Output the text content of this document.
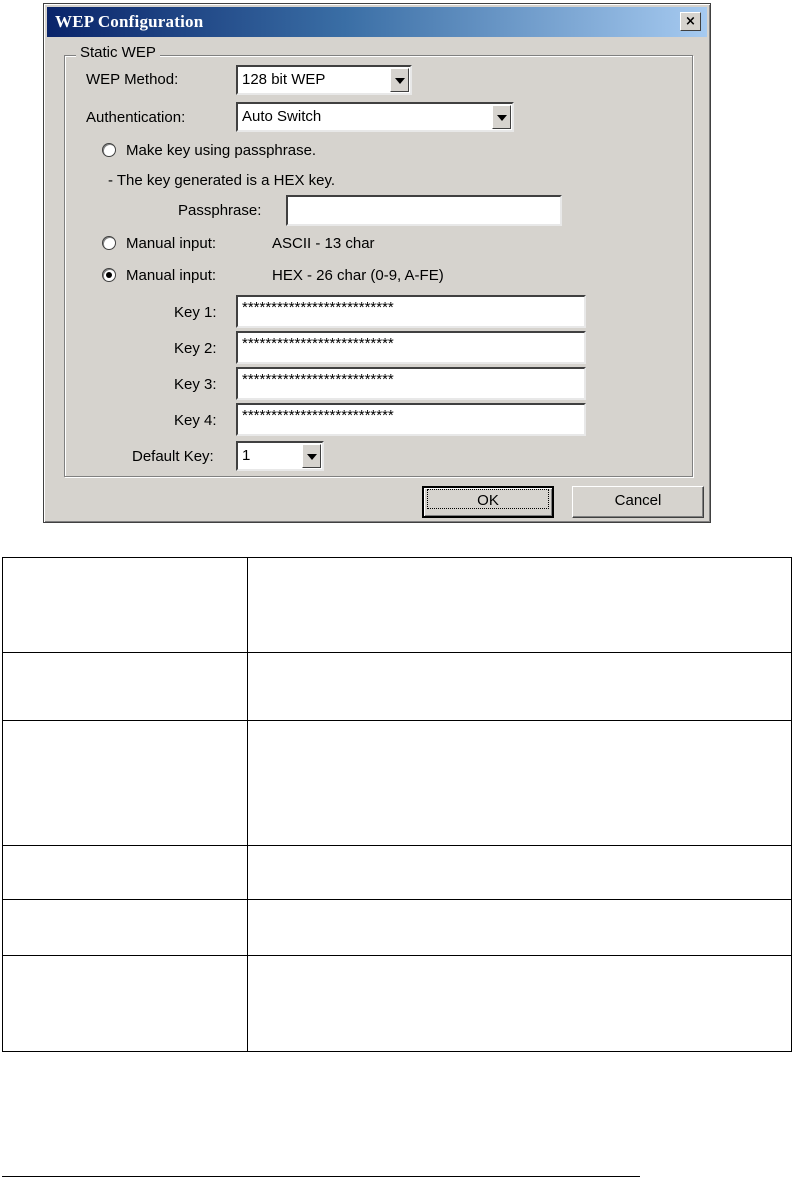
WEP Configuration	×
Static WEP
WEP Method:	128 bit WEP
Authentication:	Auto Switch
Make key using passphrase.
- The key generated is a HEX key.
Passphrase:
Manual input:	ASCII - 13 char
Manual input:	HEX - 26 char (0-9, A-FE)
Key 1:	**************************
Key 2:	**************************
Key 3:	**************************
Key 4:	**************************
Default Key: 1
OK	Cancel
